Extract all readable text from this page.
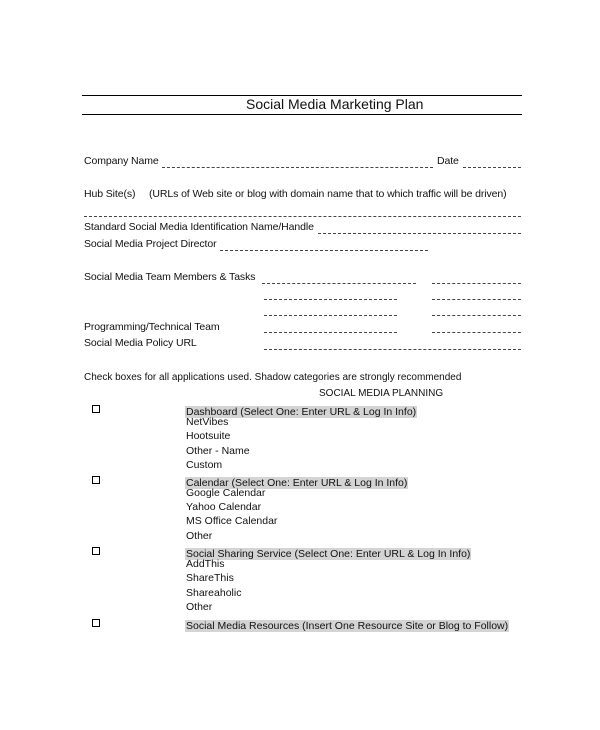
Social Media Marketing Plan
Company Name	Date
Hub Site(s) (URLs of Web site or blog with domain name that to which traffic will be driven)
Standard Social Media Identification Name/Handle
Social Media Project Director
Social Media Team Members & Tasks
Programming/Technical Team
Social Media Policy URL
Check boxes for all applications used. Shadow categories are strongly recommended
SOCIAL MEDIA PLANNING
Dashboard (Select One: Enter URL & Log In Info)
NetVibes
Hootsuite
Other - Name
Custom
Calendar (Select One: Enter URL & Log In Info)
Google Calendar
Yahoo Calendar
MS Office Calendar
Other
Social Sharing Service (Select One: Enter URL & Log In Info)
AddThis
ShareThis
Shareaholic
Other
Social Media Resources (Insert One Resource Site or Blog to Follow)
